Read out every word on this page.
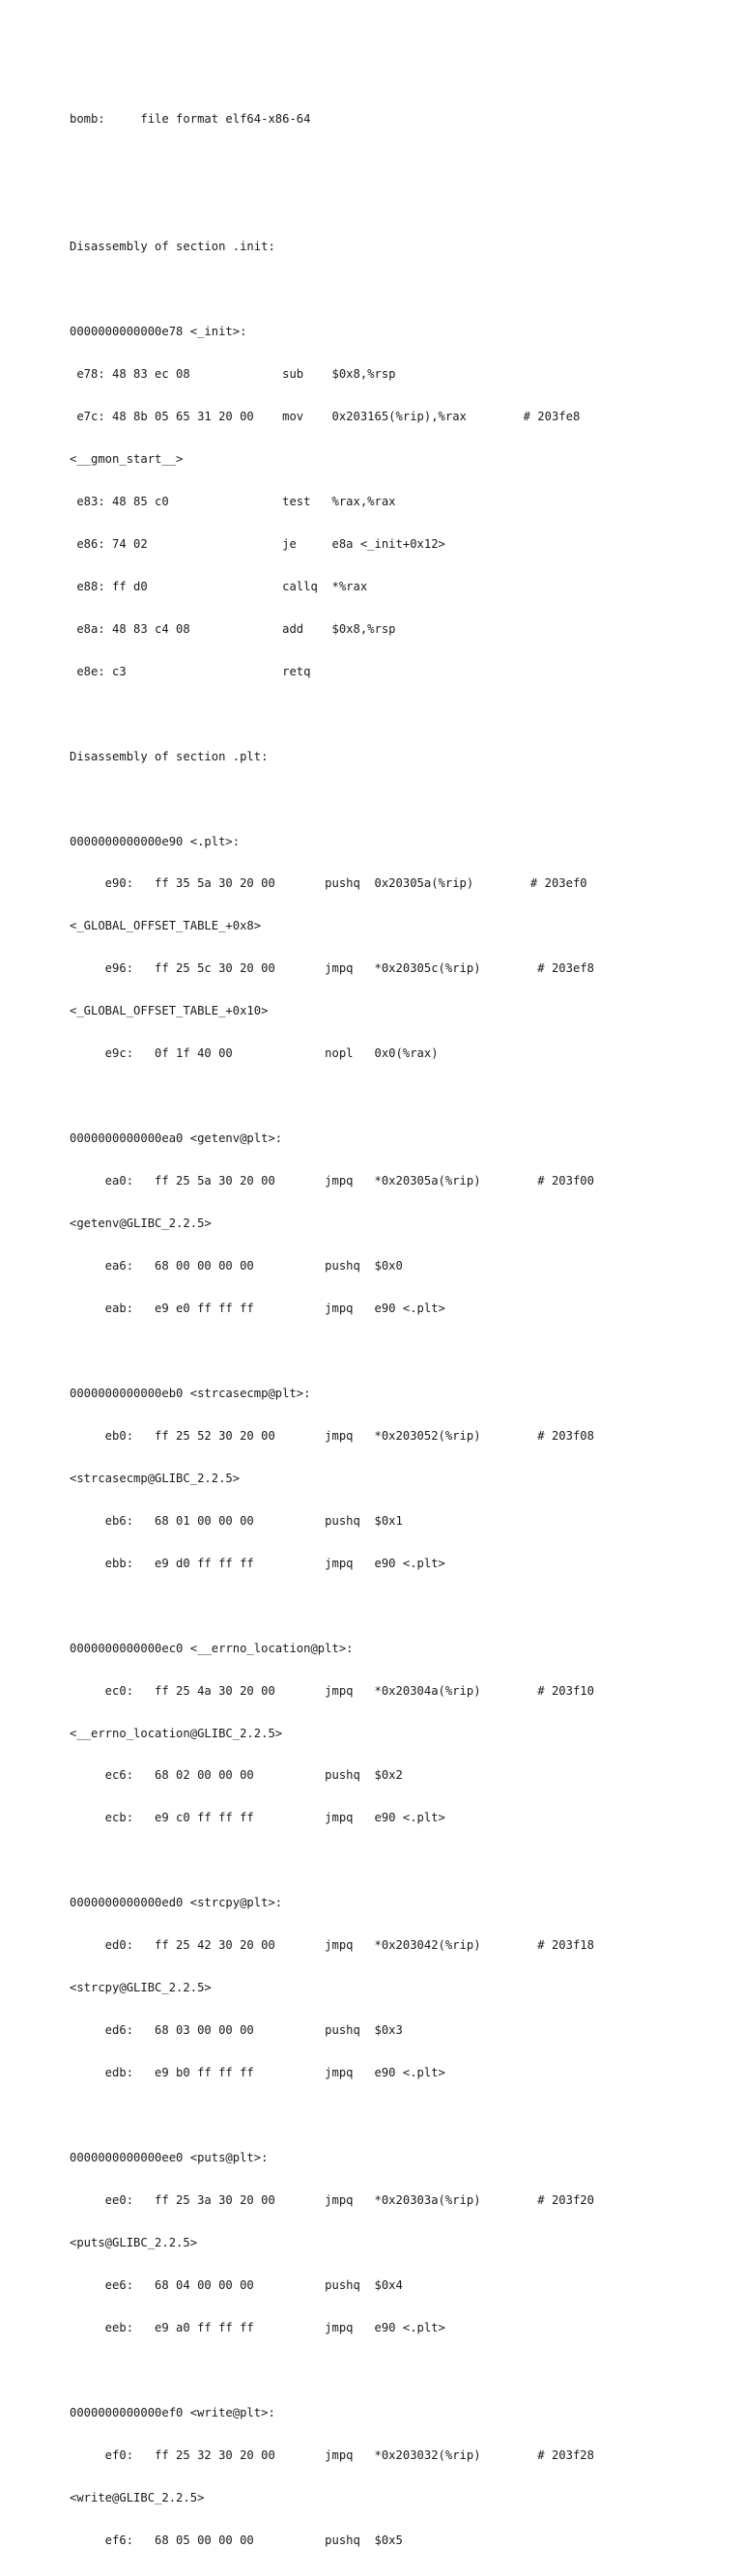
bomb:     file format elf64-x86-64

Disassembly of section .init:

0000000000000e78 <_init>:

e78: 48 83 ec 08             sub    $0x8,%rsp

e7c: 48 8b 05 65 31 20 00    mov    0x203165(%rip),%rax        # 203fe8

<__gmon_start__>

e83: 48 85 c0                test   %rax,%rax

e86: 74 02                   je     e8a <_init+0x12>

e88: ff d0                   callq  *%rax

e8a: 48 83 c4 08             add    $0x8,%rsp

e8e: c3                      retq

Disassembly of section .plt:

0000000000000e90 <.plt>:

e90:   ff 35 5a 30 20 00       pushq  0x20305a(%rip)        # 203ef0

<_GLOBAL_OFFSET_TABLE_+0x8>

e96:   ff 25 5c 30 20 00       jmpq   *0x20305c(%rip)        # 203ef8

<_GLOBAL_OFFSET_TABLE_+0x10>

e9c:   0f 1f 40 00             nopl   0x0(%rax)

0000000000000ea0 <getenv@plt>:

ea0:   ff 25 5a 30 20 00       jmpq   *0x20305a(%rip)        # 203f00

<getenv@GLIBC_2.2.5>

ea6:   68 00 00 00 00          pushq  $0x0

eab:   e9 e0 ff ff ff          jmpq   e90 <.plt>

0000000000000eb0 <strcasecmp@plt>:

eb0:   ff 25 52 30 20 00       jmpq   *0x203052(%rip)        # 203f08

<strcasecmp@GLIBC_2.2.5>

eb6:   68 01 00 00 00          pushq  $0x1

ebb:   e9 d0 ff ff ff          jmpq   e90 <.plt>

0000000000000ec0 <__errno_location@plt>:

ec0:   ff 25 4a 30 20 00       jmpq   *0x20304a(%rip)        # 203f10

<__errno_location@GLIBC_2.2.5>

ec6:   68 02 00 00 00          pushq  $0x2

ecb:   e9 c0 ff ff ff          jmpq   e90 <.plt>

0000000000000ed0 <strcpy@plt>:

ed0:   ff 25 42 30 20 00       jmpq   *0x203042(%rip)        # 203f18

<strcpy@GLIBC_2.2.5>

ed6:   68 03 00 00 00          pushq  $0x3

edb:   e9 b0 ff ff ff          jmpq   e90 <.plt>

0000000000000ee0 <puts@plt>:

ee0:   ff 25 3a 30 20 00       jmpq   *0x20303a(%rip)        # 203f20

<puts@GLIBC_2.2.5>

ee6:   68 04 00 00 00          pushq  $0x4

eeb:   e9 a0 ff ff ff          jmpq   e90 <.plt>

0000000000000ef0 <write@plt>:

ef0:   ff 25 32 30 20 00       jmpq   *0x203032(%rip)        # 203f28

<write@GLIBC_2.2.5>

ef6:   68 05 00 00 00          pushq  $0x5
